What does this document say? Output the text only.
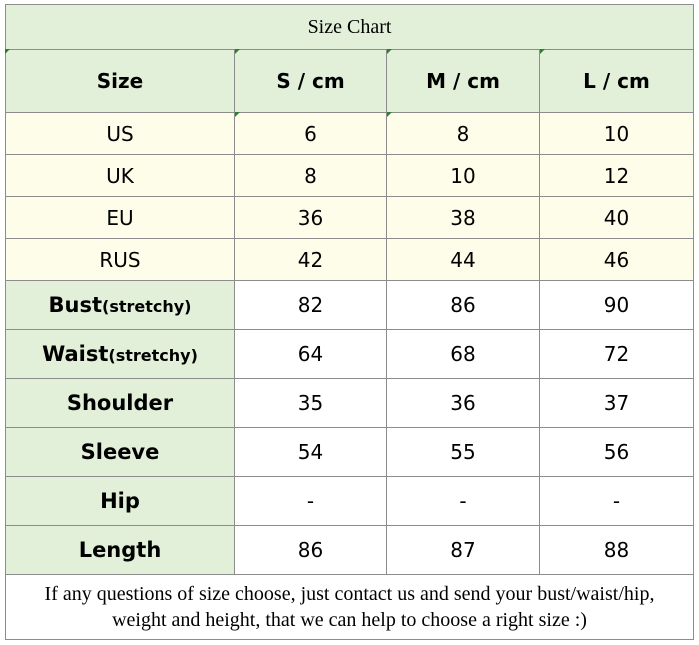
Size Chart			
Size	S / cm	M / cm	L / cm
US	6	8	10
UK	8	10	12
EU	36	38	40
RUS	42	44	46
Bust(stretchy)	82	86	90
Waist(stretchy)	64	68	72
Shoulder	35	36	37
Sleeve	54	55	56
Hip	-	-	-
Length	86	87	88

If any questions of size choose, just contact us and send your bust/waist/hip,
weight and height, that we can help to choose a right size :)			
